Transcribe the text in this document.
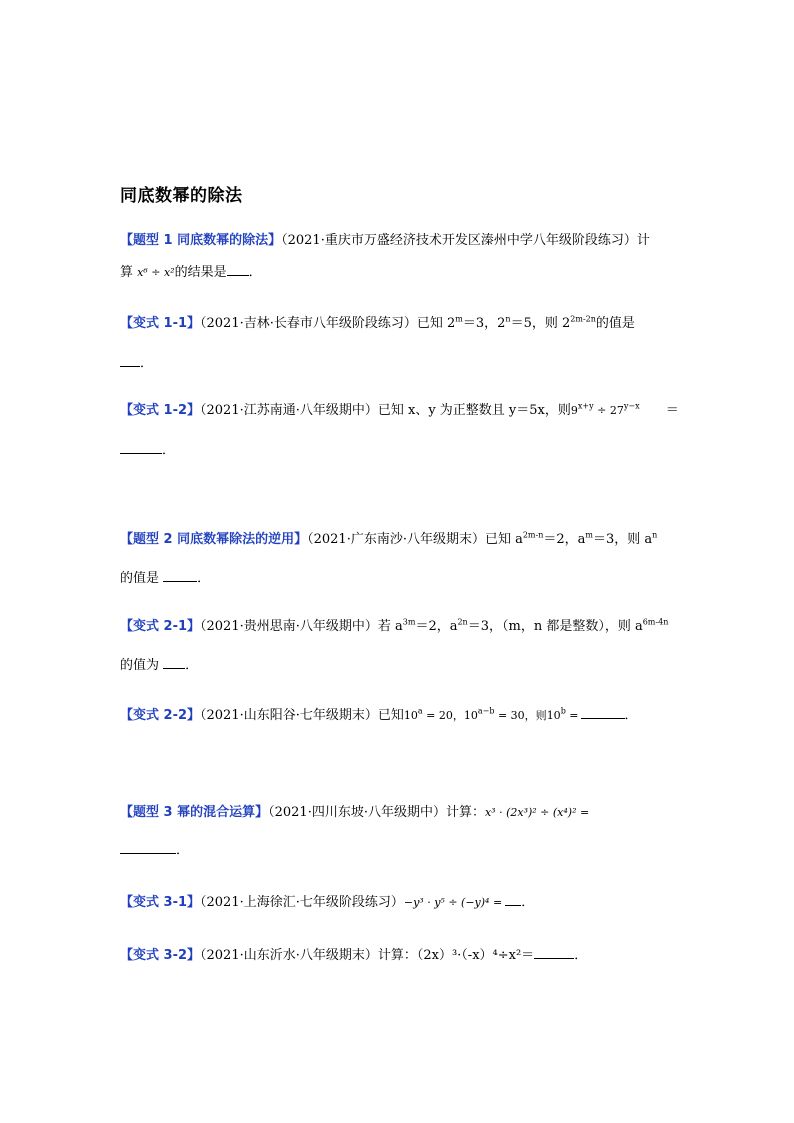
同底数幂的除法
【题型 1 同底数幂的除法】（2021·重庆市万盛经济技术开发区溱州中学八年级阶段练习）计
算 x⁶ ÷ x²的结果是 ．
【变式 1-1】（2021·吉林·长春市八年级阶段练习）已知 $2^m=3$，$2^n=5$，则 $2^{2m-2n}$的值是
．
【变式 1-2】（2021·江苏南通·八年级期中）已知 x、y 为正整数且 y＝5x，则$9^{x+y} \div 27^{y-x}$ ＝
．
【题型 2 同底数幂除法的逆用】（2021·广东南沙·八年级期末）已知 $a^{2m-n}=2$，$a^m=3$，则 $a^n$
的值是	．
【变式 2-1】（2021·贵州思南·八年级期中）若 $a^{3m}=2$，$a^{2n}=3$，（m，n 都是整数），则 $a^{6m-4n}$
的值为 ．
【变式 2-2】（2021·山东阳谷·七年级期末）已知$10^a = 20$，$10^{a-b} = 30$，则$10^b$ =	．
【题型 3 幂的混合运算】（2021·四川东坡·八年级期中）计算：x³ · (2x³)² ÷ (x⁴)² =
．
【变式 3-1】（2021·上海徐汇·七年级阶段练习）−y³ · y⁵ ÷ (−y)⁴ = ．
【变式 3-2】（2021·山东沂水·八年级期末）计算：（2x）³·（-x）⁴÷x²＝	．
